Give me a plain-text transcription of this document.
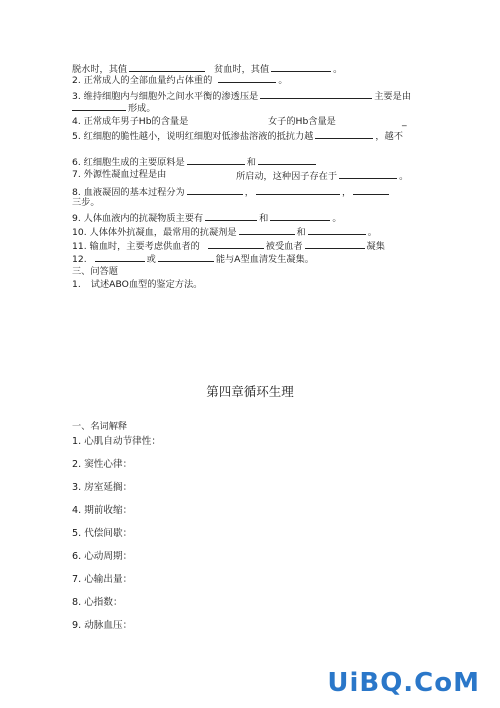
脱水时，其值	贫血时，其值	。
2. 正常成人的全部血量约占体重的	。
3. 维持细胞内与细胞外之间水平衡的渗透压是	主要是由
形成。
4. 正常成年男子Hb的含量是	女子的Hb含量是	_
5. 红细胞的脆性越小，说明红细胞对低渗盐溶液的抵抗力越	，越不
6. 红细胞生成的主要原料是	和
7. 外源性凝血过程是由	所启动，这种因子存在于	。
8. 血液凝固的基本过程分为	，	，
三步。
9. 人体血液内的抗凝物质主要有	和	。
10. 人体体外抗凝血，最常用的抗凝剂是	和	。
11. 输血时，主要考虑供血者的	被受血者	凝集
12.	或	能与A型血清发生凝集。
三、问答题
1. 试述ABO血型的鉴定方法。
第四章循环生理
一、名词解释
1. 心肌自动节律性：
2. 窦性心律：
3. 房室延搁：
4. 期前收缩：
5. 代偿间歇：
6. 心动周期：
7. 心输出量：
8. 心指数：
9. 动脉血压：
UiBQ.CoM
